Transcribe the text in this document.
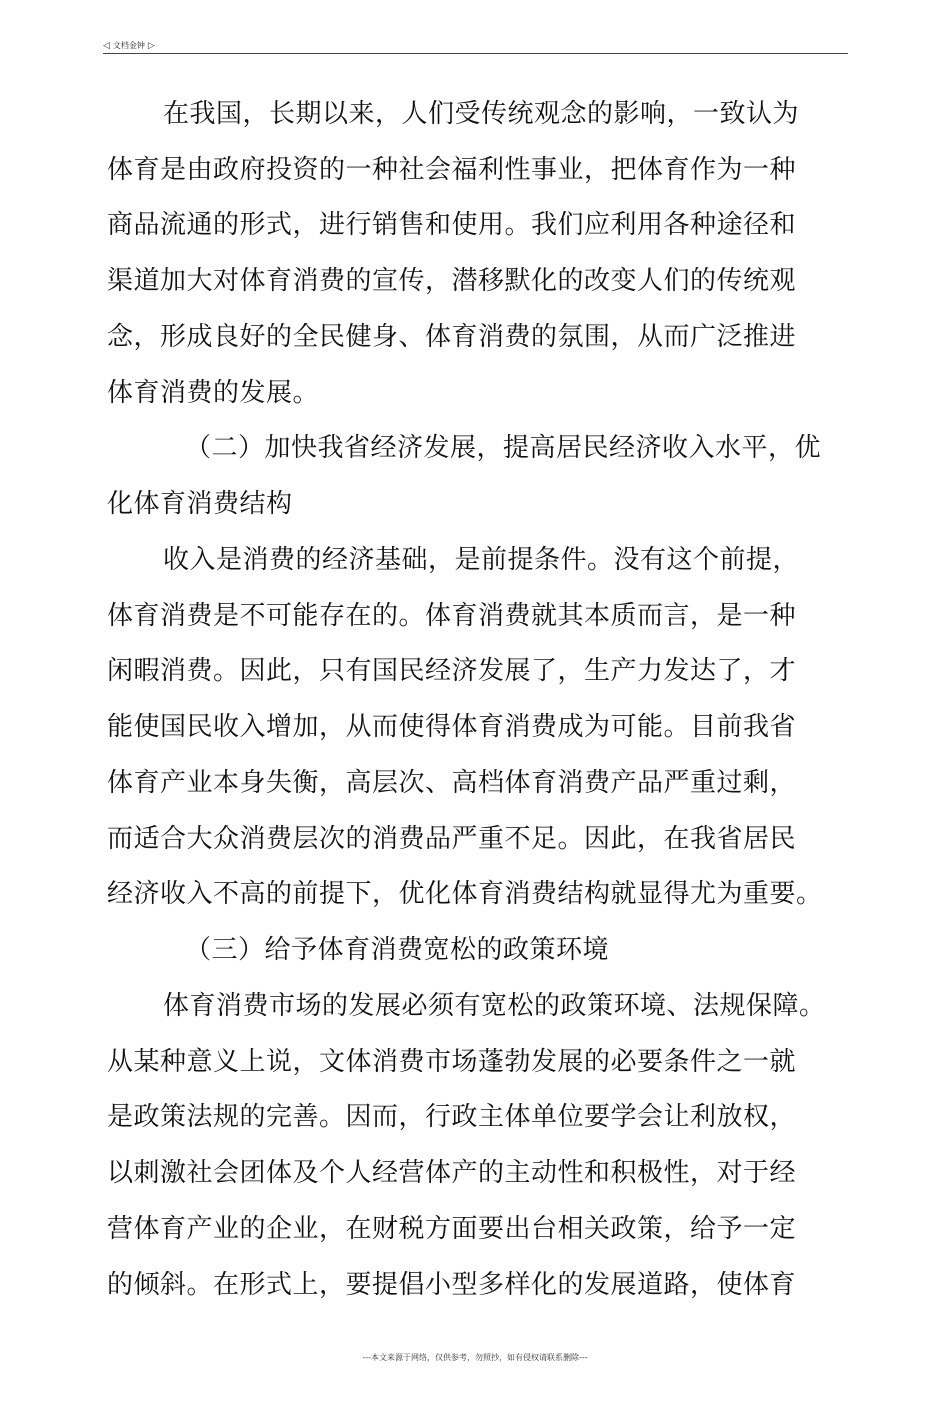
◁ 文档金钟 ▷
在我国，长期以来，人们受传统观念的影响，一致认为
体育是由政府投资的一种社会福利性事业，把体育作为一种
商品流通的形式，进行销售和使用。我们应利用各种途径和
渠道加大对体育消费的宣传，潜移默化的改变人们的传统观
念，形成良好的全民健身、体育消费的氛围，从而广泛推进
体育消费的发展。
（二）加快我省经济发展，提高居民经济收入水平，优
化体育消费结构
收入是消费的经济基础，是前提条件。没有这个前提，
体育消费是不可能存在的。体育消费就其本质而言，是一种
闲暇消费。因此，只有国民经济发展了，生产力发达了，才
能使国民收入增加，从而使得体育消费成为可能。目前我省
体育产业本身失衡，高层次、高档体育消费产品严重过剩，
而适合大众消费层次的消费品严重不足。因此，在我省居民
经济收入不高的前提下，优化体育消费结构就显得尤为重要。
（三）给予体育消费宽松的政策环境
体育消费市场的发展必须有宽松的政策环境、法规保障。
从某种意义上说，文体消费市场蓬勃发展的必要条件之一就
是政策法规的完善。因而，行政主体单位要学会让利放权，
以刺激社会团体及个人经营体产的主动性和积极性，对于经
营体育产业的企业，在财税方面要出台相关政策，给予一定
的倾斜。在形式上，要提倡小型多样化的发展道路，使体育
---本文来源于网络，仅供参考，勿照抄，如有侵权请联系删除---
